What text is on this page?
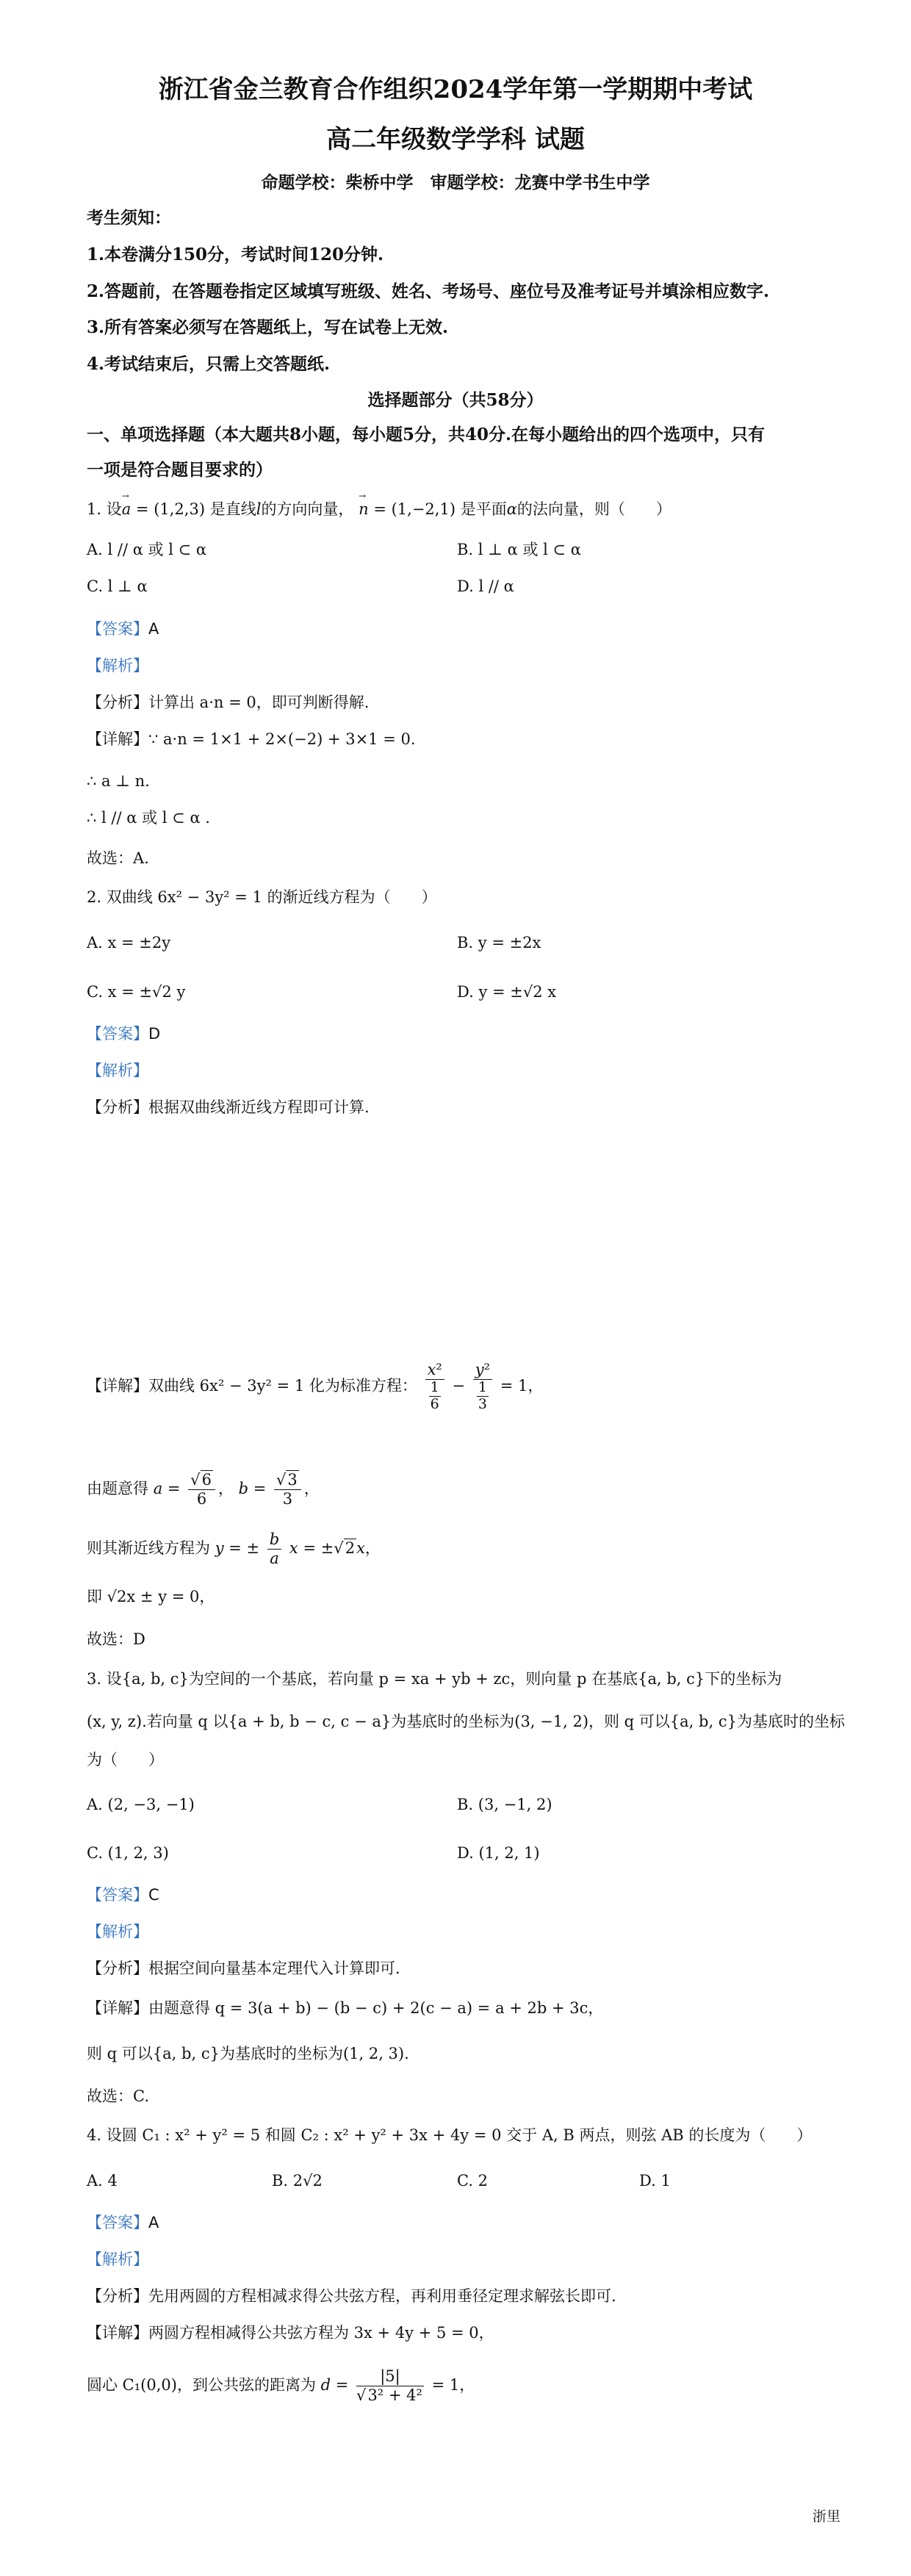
浙江省金兰教育合作组织2024学年第一学期期中考试
高二年级数学学科 试题
命题学校：柴桥中学　审题学校：龙赛中学书生中学
考生须知：
1.本卷满分150分，考试时间120分钟.
2.答题前，在答题卷指定区域填写班级、姓名、考场号、座位号及准考证号并填涂相应数字.
3.所有答案必须写在答题纸上，写在试卷上无效.
4.考试结束后，只需上交答题纸.
选择题部分（共58分）
一、单项选择题（本大题共8小题，每小题5分，共40分.在每小题给出的四个选项中，只有
一项是符合题目要求的）
1. 设→ a = (1,2,3) 是直线l的方向向量， → n = (1,−2,1) 是平面α的法向量，则（　　）
A. l // α 或 l ⊂ α	B. l ⊥ α 或 l ⊂ α
C. l ⊥ α	D. l // α
【答案】A
【解析】
【分析】计算出 a·n = 0，即可判断得解.
【详解】∵ a·n = 1×1 + 2×(−2) + 3×1 = 0.
∴ a ⊥ n.
∴ l // α 或 l ⊂ α .
故选：A.
2. 双曲线 6x² − 3y² = 1 的渐近线方程为（　　）
A. x = ±2y	B. y = ±2x
C. x = ±√2 y	D. y = ±√2 x
【答案】D
【解析】
【分析】根据双曲线渐近线方程即可计算.
【详解】双曲线 6x² − 3y² = 1 化为标准方程： $\frac{\text{x²}}{\frac{1}{6}} - \frac{\text{y²}}{\frac{1}{3}} = 1$，
由题意得 $a = \frac{√6}{6}$ ， $b = \frac{√3}{3}$ ，
则其渐近线方程为 y = ± $\frac{b}{a}$ x = ±√2x，
即 √2x ± y = 0，
故选：D
3. 设{a, b, c}为空间的一个基底，若向量 p = xa + yb + zc，则向量 p 在基底{a, b, c}下的坐标为
(x, y, z).若向量 q 以{a + b, b − c, c − a}为基底时的坐标为(3, −1, 2)，则 q 可以{a, b, c}为基底时的坐标
为（　　）
A. (2, −3, −1)	B. (3, −1, 2)
C. (1, 2, 3)	D. (1, 2, 1)
【答案】C
【解析】
【分析】根据空间向量基本定理代入计算即可.
【详解】由题意得 q = 3(a + b) − (b − c) + 2(c − a) = a + 2b + 3c，
则 q 可以{a, b, c}为基底时的坐标为(1, 2, 3).
故选：C.
4. 设圆 C₁ : x² + y² = 5 和圆 C₂ : x² + y² + 3x + 4y = 0 交于 A, B 两点，则弦 AB 的长度为（　　）
A. 4	B. 2√2	C. 2	D. 1
【答案】A
【解析】
【分析】先用两圆的方程相减求得公共弦方程，再利用垂径定理求解弦长即可.
【详解】两圆方程相减得公共弦方程为 3x + 4y + 5 = 0，
圆心 C₁(0,0)，到公共弦的距离为 $d = \frac{|5|}{\text{√3² + 4²}} = 1$，
浙里
